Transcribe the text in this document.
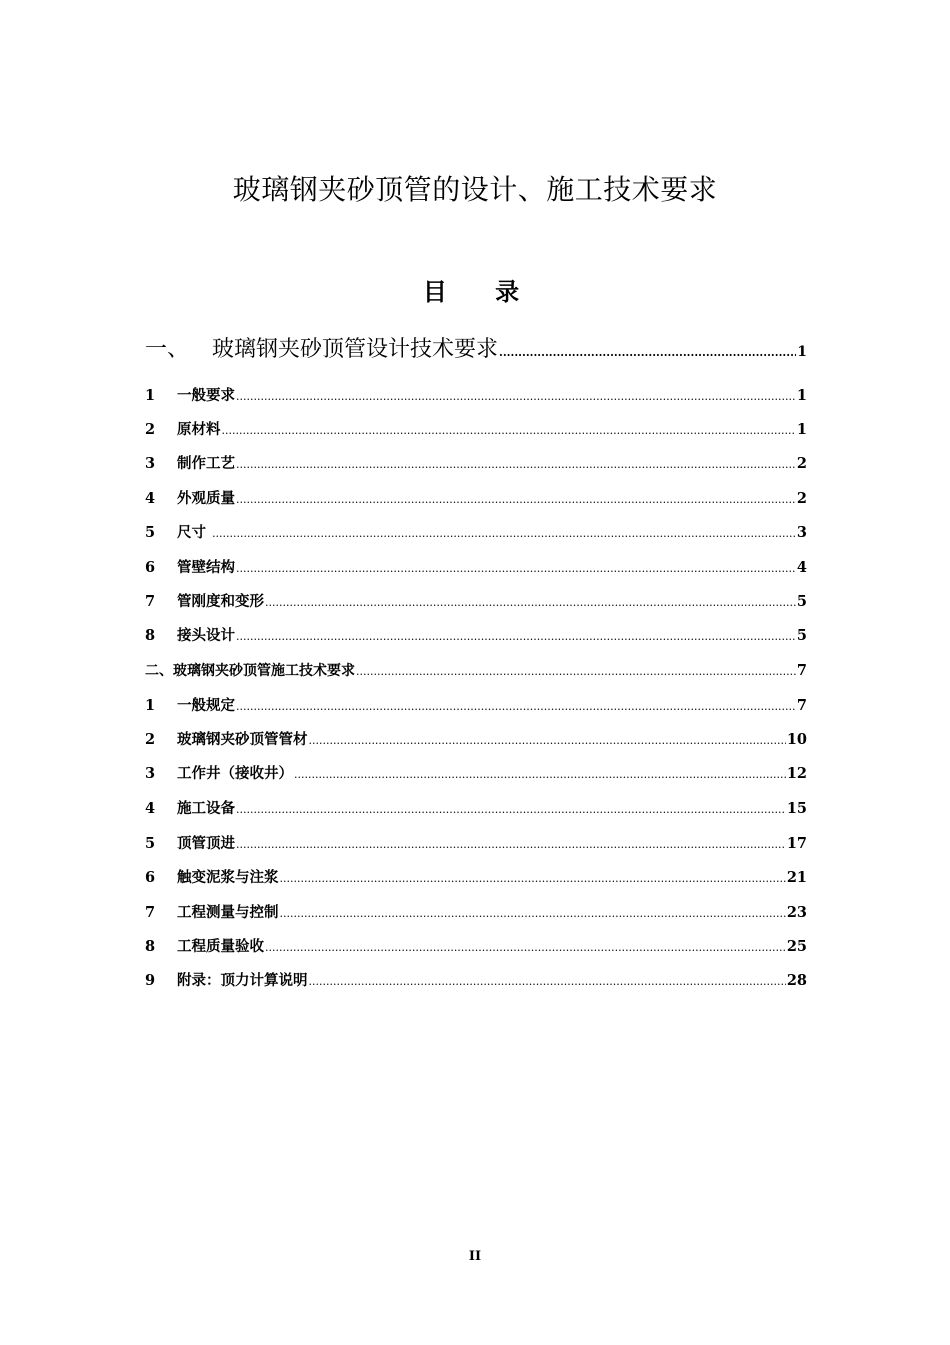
玻璃钢夹砂顶管的设计、施工技术要求
目 录
一、	玻璃钢夹砂顶管设计技术要求 .....	1
1	一般要求 .....	1
2	原材料 .....	1
3	制作工艺 .....	2
4	外观质量 .....	2
5	尺寸 .....	3
6	管壁结构 .....	4
7	管刚度和变形 .....	5
8	接头设计 .....	5
二、玻璃钢夹砂顶管施工技术要求 .....	7
1	一般规定 .....	7
2	玻璃钢夹砂顶管管材 .....	10
3	工作井（接收井） .....	12
4	施工设备 .....	15
5	顶管顶进 .....	17
6	触变泥浆与注浆 .....	21
7	工程测量与控制 .....	23
8	工程质量验收 .....	25
9	附录：顶力计算说明 .....	28
II
